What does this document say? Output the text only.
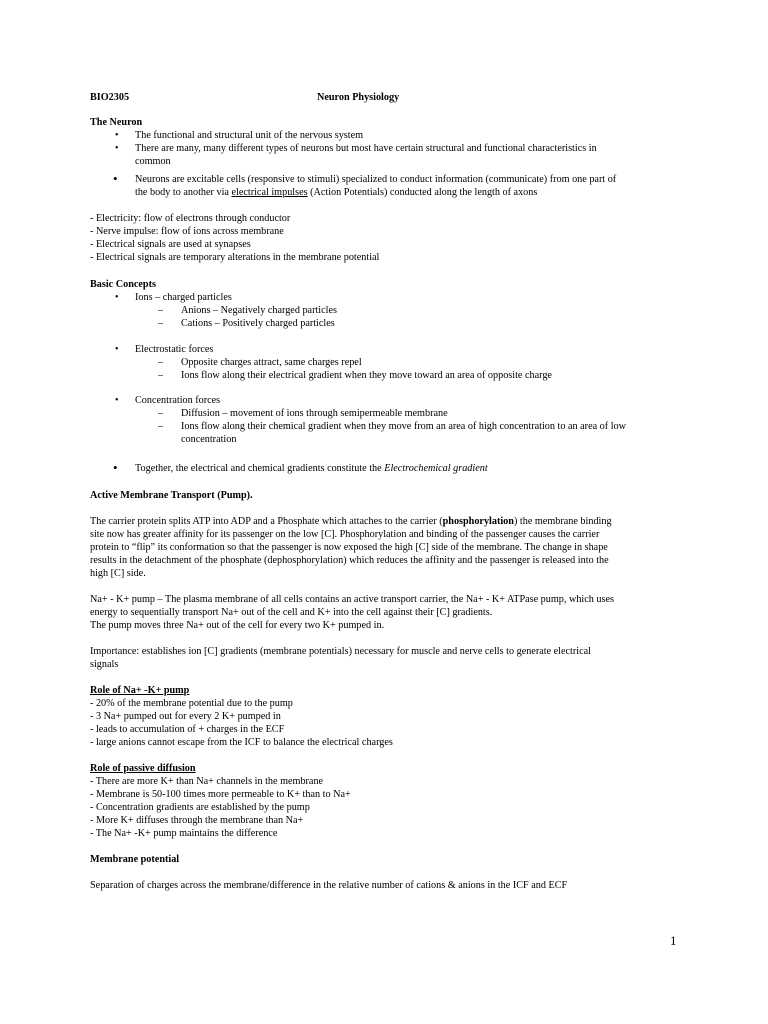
BIO2305	Neuron Physiology
The Neuron
• The functional and structural unit of the nervous system
• There are many, many different types of neurons but most have certain structural and functional characteristics in
common
• Neurons are excitable cells (responsive to stimuli) specialized to conduct information (communicate) from one part of
the body to another via electrical impulses (Action Potentials) conducted along the length of axons
- Electricity: flow of electrons through conductor
- Nerve impulse: flow of ions across membrane
- Electrical signals are used at synapses
- Electrical signals are temporary alterations in the membrane potential
Basic Concepts
• Ions – charged particles
– Anions – Negatively charged particles
– Cations – Positively charged particles
• Electrostatic forces
– Opposite charges attract, same charges repel
– Ions flow along their electrical gradient when they move toward an area of opposite charge
• Concentration forces
– Diffusion – movement of ions through semipermeable membrane
– Ions flow along their chemical gradient when they move from an area of high concentration to an area of low
concentration
• Together, the electrical and chemical gradients constitute the Electrochemical gradient
Active Membrane Transport (Pump).
The carrier protein splits ATP into ADP and a Phosphate which attaches to the carrier (phosphorylation) the membrane binding
site now has greater affinity for its passenger on the low [C]. Phosphorylation and binding of the passenger causes the carrier
protein to “flip” its conformation so that the passenger is now exposed the high [C] side of the membrane. The change in shape
results in the detachment of the phosphate (dephosphorylation) which reduces the affinity and the passenger is released into the
high [C] side.
Na+ - K+ pump – The plasma membrane of all cells contains an active transport carrier, the Na+ - K+ ATPase pump, which uses
energy to sequentially transport Na+ out of the cell and K+ into the cell against their [C] gradients.
The pump moves three Na+ out of the cell for every two K+ pumped in.
Importance: establishes ion [C] gradients (membrane potentials) necessary for muscle and nerve cells to generate electrical
signals
Role of Na+ -K+ pump
- 20% of the membrane potential due to the pump
- 3 Na+ pumped out for every 2 K+ pumped in
- leads to accumulation of + charges in the ECF
- large anions cannot escape from the ICF to balance the electrical charges
Role of passive diffusion
- There are more K+ than Na+ channels in the membrane
- Membrane is 50-100 times more permeable to K+ than to Na+
- Concentration gradients are established by the pump
- More K+ diffuses through the membrane than Na+
- The Na+ -K+ pump maintains the difference
Membrane potential
Separation of charges across the membrane/difference in the relative number of cations & anions in the ICF and ECF
1
